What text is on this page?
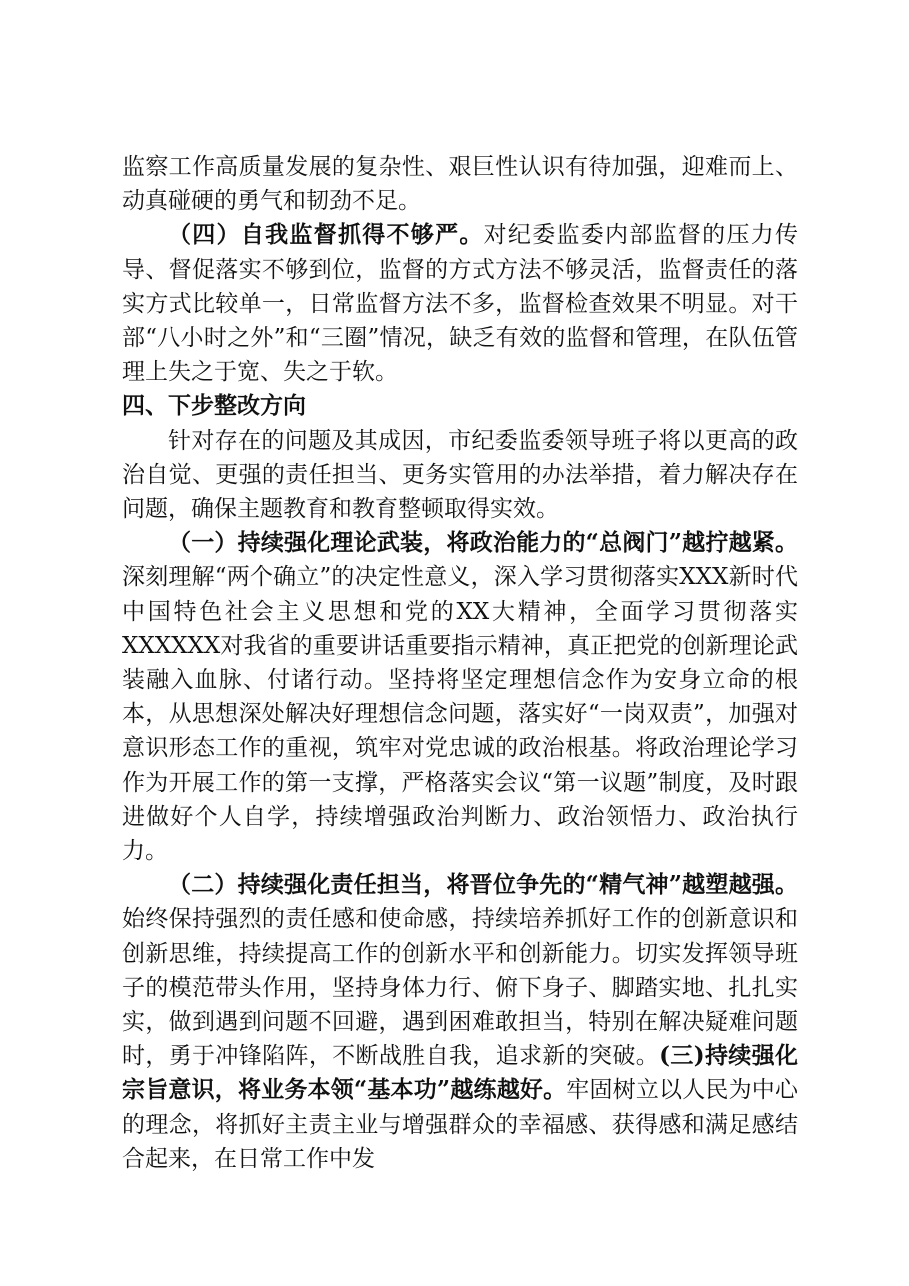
监察工作高质量发展的复杂性、艰巨性认识有待加强，迎难而上、动真碰硬的勇气和韧劲不足。

（四）自我监督抓得不够严。对纪委监委内部监督的压力传导、督促落实不够到位，监督的方式方法不够灵活，监督责任的落实方式比较单一，日常监督方法不多，监督检查效果不明显。对干部“八小时之外”和“三圈”情况，缺乏有效的监督和管理，在队伍管理上失之于宽、失之于软。

四、下步整改方向

针对存在的问题及其成因，市纪委监委领导班子将以更高的政治自觉、更强的责任担当、更务实管用的办法举措，着力解决存在问题，确保主题教育和教育整顿取得实效。

（一）持续强化理论武装，将政治能力的“总阀门”越拧越紧。深刻理解“两个确立”的决定性意义，深入学习贯彻落实XXX新时代中国特色社会主义思想和党的XX大精神，全面学习贯彻落实XXXXXX对我省的重要讲话重要指示精神，真正把党的创新理论武装融入血脉、付诸行动。坚持将坚定理想信念作为安身立命的根本，从思想深处解决好理想信念问题，落实好“一岗双责”，加强对意识形态工作的重视，筑牢对党忠诚的政治根基。将政治理论学习作为开展工作的第一支撑，严格落实会议“第一议题”制度，及时跟进做好个人自学，持续增强政治判断力、政治领悟力、政治执行力。

（二）持续强化责任担当，将晋位争先的“精气神”越塑越强。始终保持强烈的责任感和使命感，持续培养抓好工作的创新意识和创新思维，持续提高工作的创新水平和创新能力。切实发挥领导班子的模范带头作用，坚持身体力行、俯下身子、脚踏实地、扎扎实实，做到遇到问题不回避，遇到困难敢担当，特别在解决疑难问题时，勇于冲锋陷阵，不断战胜自我，追求新的突破。(三)持续强化宗旨意识，将业务本领“基本功”越练越好。牢固树立以人民为中心的理念，将抓好主责主业与增强群众的幸福感、获得感和满足感结合起来，在日常工作中发
